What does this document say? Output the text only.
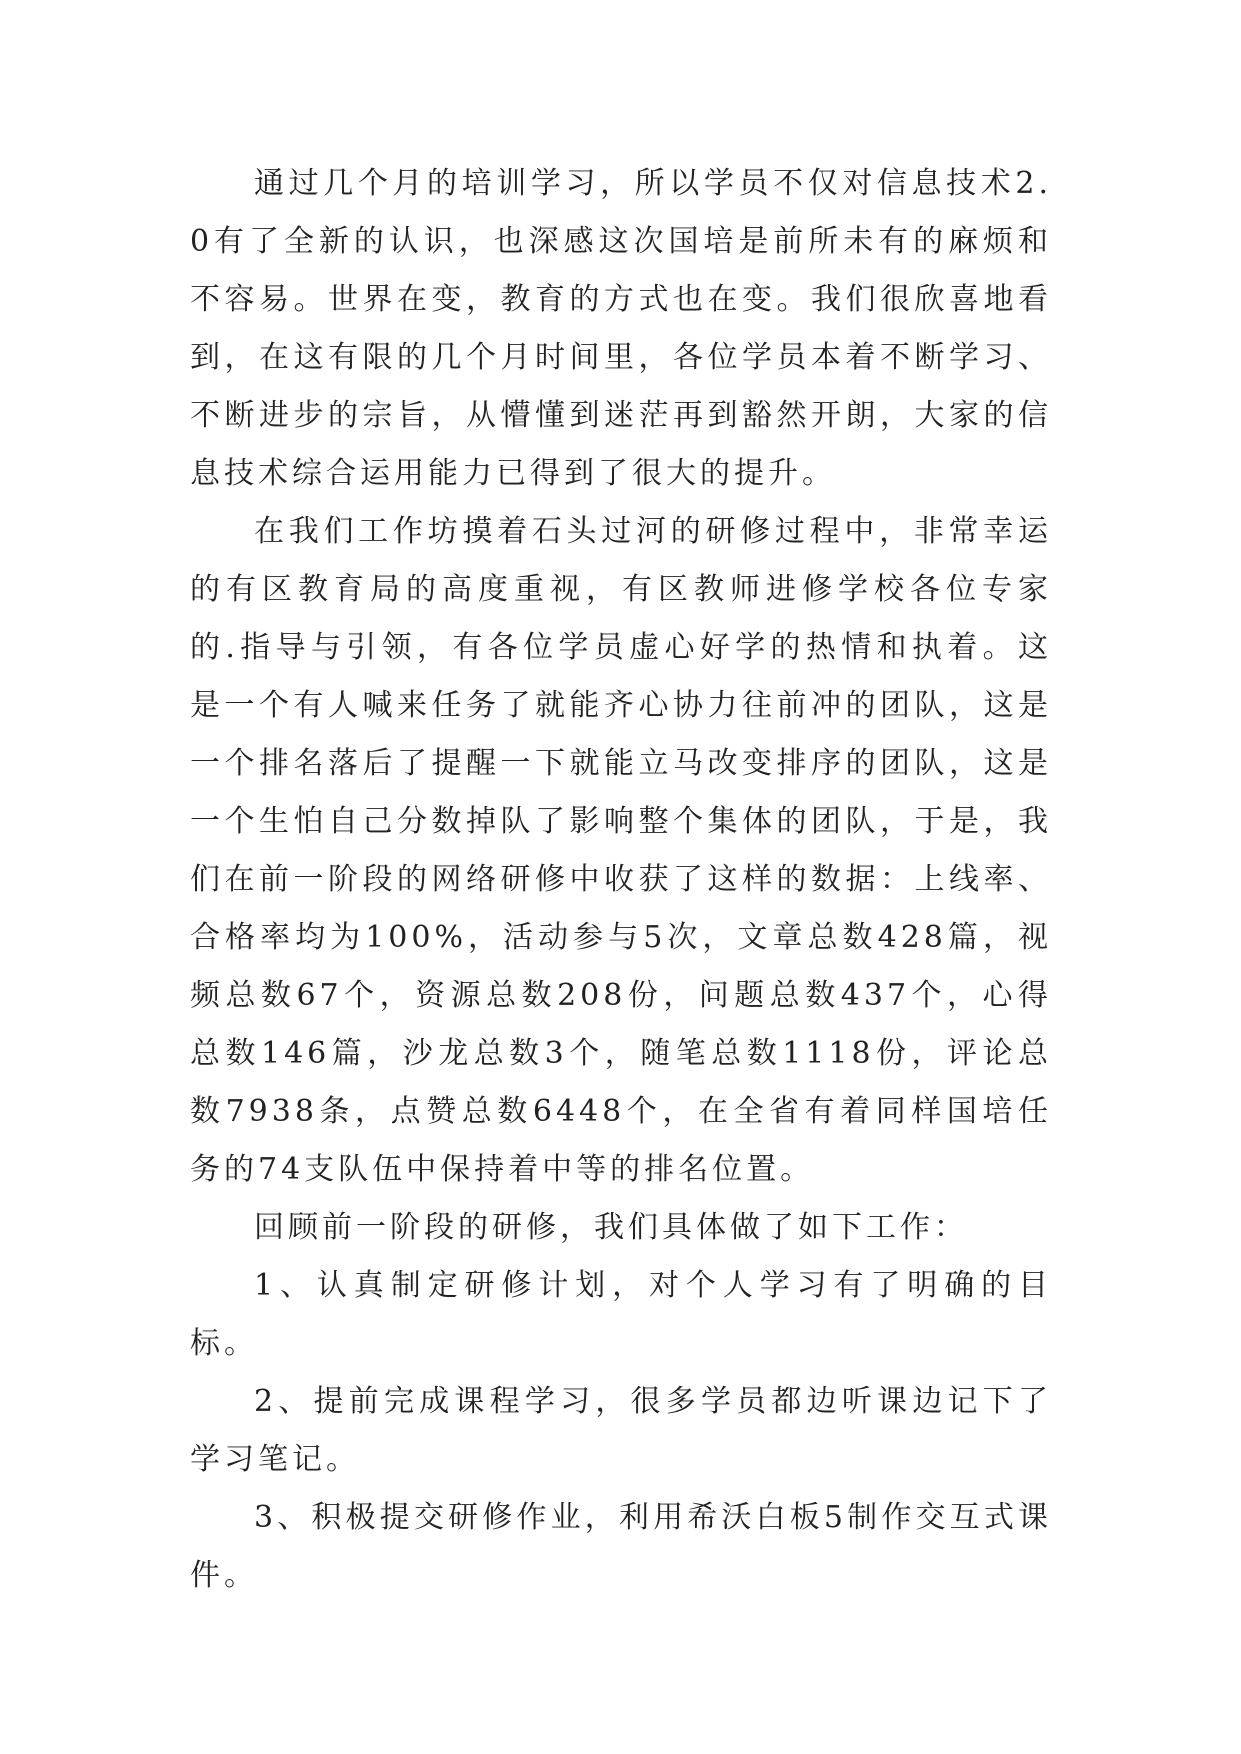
通过几个月的培训学习，所以学员不仅对信息技术2.0有了全新的认识，也深感这次国培是前所未有的麻烦和不容易。世界在变，教育的方式也在变。我们很欣喜地看到，在这有限的几个月时间里，各位学员本着不断学习、不断进步的宗旨，从懵懂到迷茫再到豁然开朗，大家的信息技术综合运用能力已得到了很大的提升。

在我们工作坊摸着石头过河的研修过程中，非常幸运的有区教育局的高度重视，有区教师进修学校各位专家的.指导与引领，有各位学员虚心好学的热情和执着。这是一个有人喊来任务了就能齐心协力往前冲的团队，这是一个排名落后了提醒一下就能立马改变排序的团队，这是一个生怕自己分数掉队了影响整个集体的团队，于是，我们在前一阶段的网络研修中收获了这样的数据：上线率、合格率均为100%，活动参与5次，文章总数428篇，视频总数67个，资源总数208份，问题总数437个，心得总数146篇，沙龙总数3个，随笔总数1118份，评论总数7938条，点赞总数6448个，在全省有着同样国培任务的74支队伍中保持着中等的排名位置。

回顾前一阶段的研修，我们具体做了如下工作：

1、认真制定研修计划，对个人学习有了明确的目标。

2、提前完成课程学习，很多学员都边听课边记下了学习笔记。

3、积极提交研修作业，利用希沃白板5制作交互式课件。
